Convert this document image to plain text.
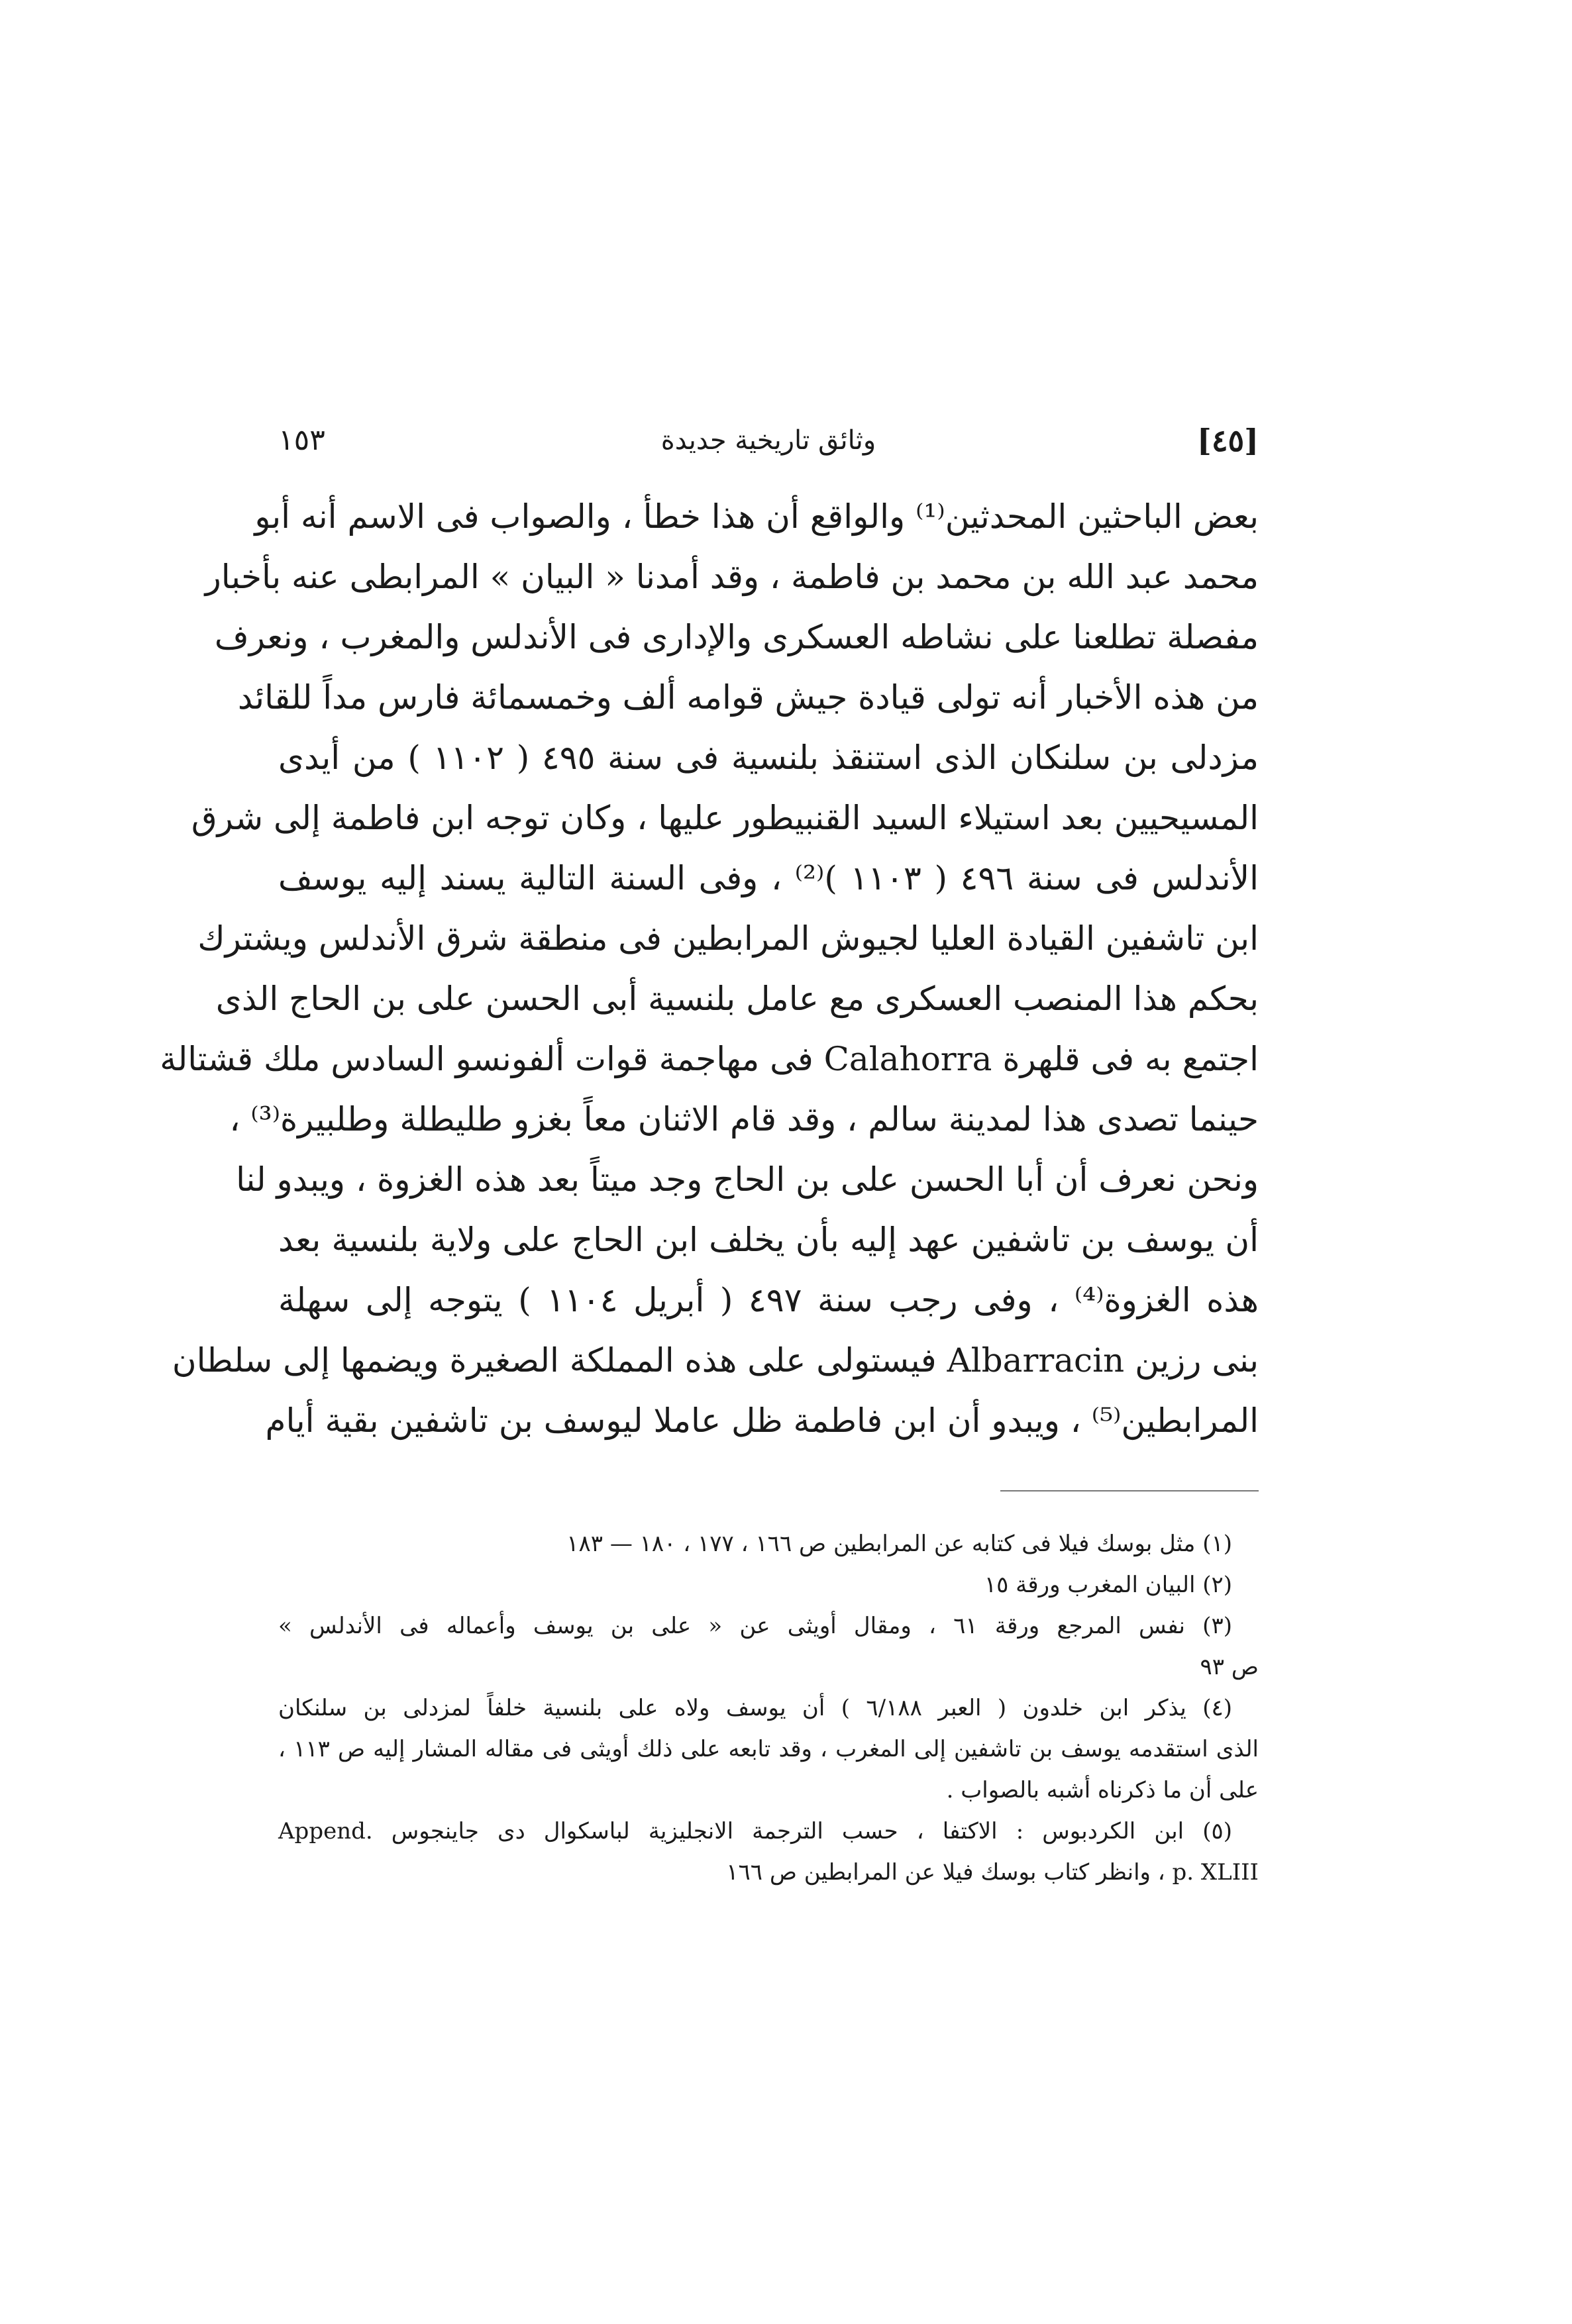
[٤٥]
وثائق تاريخية جديدة
١٥٣
بعض الباحثين المحدثين⁽¹⁾ والواقع أن هذا خطأ ، والصواب فى الاسم أنه أبو
محمد عبد الله بن محمد بن فاطمة ، وقد أمدنا « البيان » المرابطى عنه بأخبار
مفصلة تطلعنا على نشاطه العسكرى والإدارى فى الأندلس والمغرب ، ونعرف
من هذه الأخبار أنه تولى قيادة جيش قوامه ألف وخمسمائة فارس مداً للقائد
مزدلى بن سلنكان الذى استنقذ بلنسية فى سنة ٤٩٥ ( ١١٠٢ ) من أيدى
المسيحيين بعد استيلاء السيد القنبيطور عليها ، وكان توجه ابن فاطمة إلى شرق
الأندلس فى سنة ٤٩٦ ( ١١٠٣ )⁽²⁾ ، وفى السنة التالية يسند إليه يوسف
ابن تاشفين القيادة العليا لجيوش المرابطين فى منطقة شرق الأندلس ويشترك
بحكم هذا المنصب العسكرى مع عامل بلنسية أبى الحسن على بن الحاج الذى
اجتمع به فى قلهرة Calahorra فى مهاجمة قوات ألفونسو السادس ملك قشتالة
حينما تصدى هذا لمدينة سالم ، وقد قام الاثنان معاً بغزو طليطلة وطلبيرة⁽³⁾ ،
ونحن نعرف أن أبا الحسن على بن الحاج وجد ميتاً بعد هذه الغزوة ، ويبدو لنا
أن يوسف بن تاشفين عهد إليه بأن يخلف ابن الحاج على ولاية بلنسية بعد
هذه الغزوة⁽⁴⁾ ، وفى رجب سنة ٤٩٧ ( أبريل ١١٠٤ ) يتوجه إلى سهلة
بنى رزين Albarracin فيستولى على هذه المملكة الصغيرة ويضمها إلى سلطان
المرابطين⁽⁵⁾ ، ويبدو أن ابن فاطمة ظل عاملا ليوسف بن تاشفين بقية أيام
(١) مثل بوسك فيلا فى كتابه عن المرابطين ص ١٦٦ ، ١٧٧ ، ١٨٠ — ١٨٣
(٢) البيان المغرب ورقة ١٥
(٣) نفس المرجع ورقة ٦١ ، ومقال أويثى عن « على بن يوسف وأعماله فى الأندلس »
ص ٩٣
(٤) يذكر ابن خلدون ( العبر ٦/١٨٨ ) أن يوسف ولاه على بلنسية خلفاً لمزدلى بن سلنكان
الذى استقدمه يوسف بن تاشفين إلى المغرب ، وقد تابعه على ذلك أويثى فى مقاله المشار إليه ص ١١٣ ،
على أن ما ذكرناه أشبه بالصواب .
(٥) ابن الكردبوس : الاكتفا ، حسب الترجمة الانجليزية لباسكوال دى جاينجوس .Append
p. XLIII ، وانظر كتاب بوسك فيلا عن المرابطين ص ١٦٦
